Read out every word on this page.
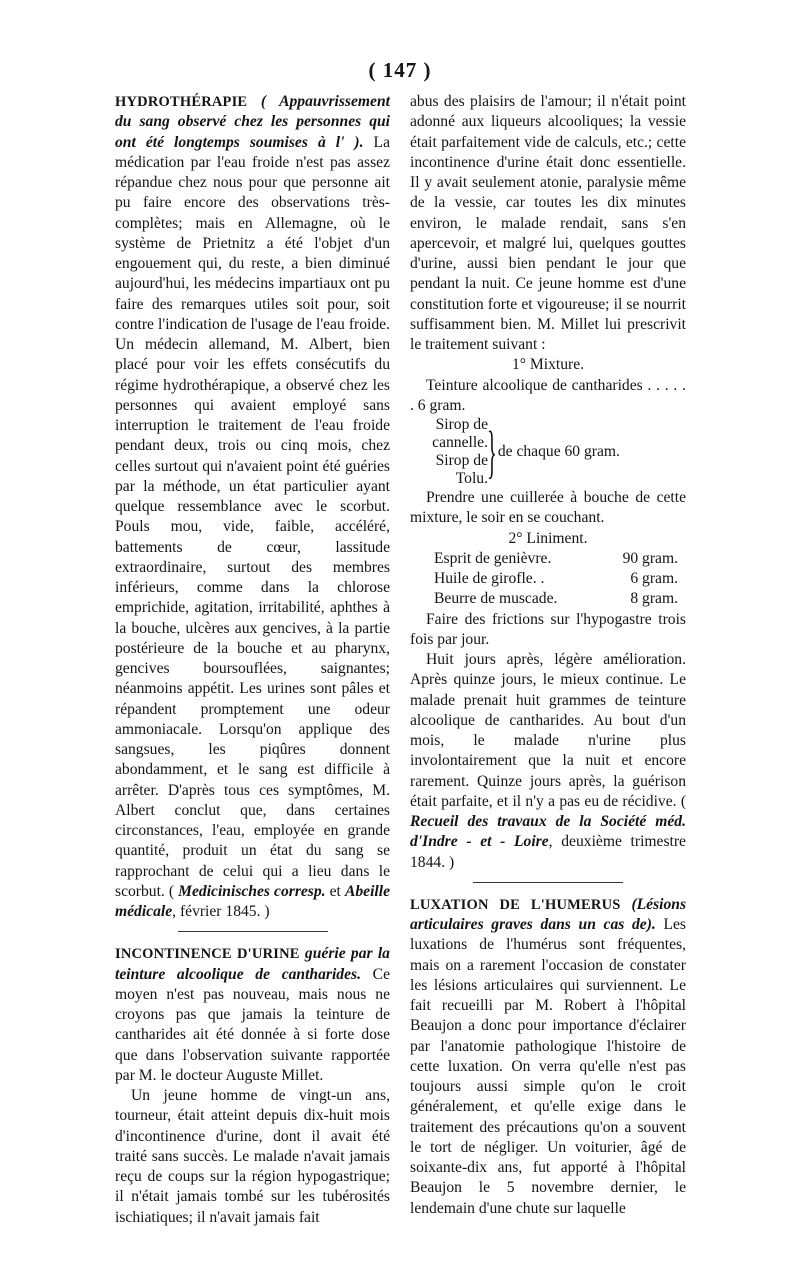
( 147 )

HYDROTHÉRAPIE ( Appauvrissement du sang observé chez les personnes qui ont été longtemps soumises à l' ). La médication par l'eau froide n'est pas assez répandue chez nous pour que personne ait pu faire encore des observations très-complètes; mais en Allemagne, où le système de Prietnitz a été l'objet d'un engouement qui, du reste, a bien diminué aujourd'hui, les médecins impartiaux ont pu faire des remarques utiles soit pour, soit contre l'indication de l'usage de l'eau froide. Un médecin allemand, M. Albert, bien placé pour voir les effets consécutifs du régime hydrothérapique, a observé chez les personnes qui avaient employé sans interruption le traitement de l'eau froide pendant deux, trois ou cinq mois, chez celles surtout qui n'avaient point été guéries par la méthode, un état particulier ayant quelque ressemblance avec le scorbut. Pouls mou, vide, faible, accéléré, battements de cœur, lassitude extraordinaire, surtout des membres inférieurs, comme dans la chlorose emprichide, agitation, irritabilité, aphthes à la bouche, ulcères aux gencives, à la partie postérieure de la bouche et au pharynx, gencives boursouflées, saignantes; néanmoins appétit. Les urines sont pâles et répandent promptement une odeur ammoniacale. Lorsqu'on applique des sangsues, les piqûres donnent abondamment, et le sang est difficile à arrêter. D'après tous ces symptômes, M. Albert conclut que, dans certaines circonstances, l'eau, employée en grande quantité, produit un état du sang se rapprochant de celui qui a lieu dans le scorbut. ( Medicinisches corresp. et Abeille médicale, février 1845. )

INCONTINENCE D'URINE guérie par la teinture alcoolique de cantharides. Ce moyen n'est pas nouveau, mais nous ne croyons pas que jamais la teinture de cantharides ait été donnée à si forte dose que dans l'observation suivante rapportée par M. le docteur Auguste Millet.

Un jeune homme de vingt-un ans, tourneur, était atteint depuis dix-huit mois d'incontinence d'urine, dont il avait été traité sans succès. Le malade n'avait jamais reçu de coups sur la région hypogastrique; il n'était jamais tombé sur les tubérosités ischiatiques; il n'avait jamais fait

abus des plaisirs de l'amour; il n'était point adonné aux liqueurs alcooliques; la vessie était parfaitement vide de calculs, etc.; cette incontinence d'urine était donc essentielle. Il y avait seulement atonie, paralysie même de la vessie, car toutes les dix minutes environ, le malade rendait, sans s'en apercevoir, et malgré lui, quelques gouttes d'urine, aussi bien pendant le jour que pendant la nuit. Ce jeune homme est d'une constitution forte et vigoureuse; il se nourrit suffisamment bien. M. Millet lui prescrivit le traitement suivant :

1° Mixture.

Teinture alcoolique de cantharides . . . . . . 6 gram.

Sirop de cannelle.
Sirop de Tolu. } de chaque 60 gram.

Prendre une cuillerée à bouche de cette mixture, le soir en se couchant.

2° Liniment.
Esprit de genièvre.	90 gram.
Huile de girofle. .	6 gram.
Beurre de muscade.	8 gram.

Faire des frictions sur l'hypogastre trois fois par jour.

Huit jours après, légère amélioration. Après quinze jours, le mieux continue. Le malade prenait huit grammes de teinture alcoolique de cantharides. Au bout d'un mois, le malade n'urine plus involontairement que la nuit et encore rarement. Quinze jours après, la guérison était parfaite, et il n'y a pas eu de récidive. ( Recueil des travaux de la Société méd. d'Indre - et - Loire, deuxième trimestre 1844. )

LUXATION DE L'HUMERUS (Lésions articulaires graves dans un cas de). Les luxations de l'humérus sont fréquentes, mais on a rarement l'occasion de constater les lésions articulaires qui surviennent. Le fait recueilli par M. Robert à l'hôpital Beaujon a donc pour importance d'éclairer par l'anatomie pathologique l'histoire de cette luxation. On verra qu'elle n'est pas toujours aussi simple qu'on le croit généralement, et qu'elle exige dans le traitement des précautions qu'on a souvent le tort de négliger. Un voiturier, âgé de soixante-dix ans, fut apporté à l'hôpital Beaujon le 5 novembre dernier, le lendemain d'une chute sur laquelle
